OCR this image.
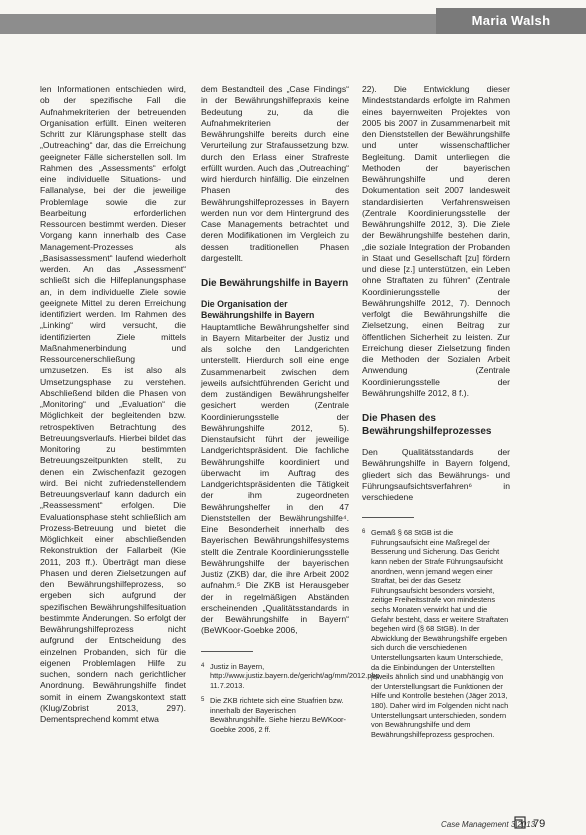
Maria Walsh

len Informationen entschieden wird, ob der spezifische Fall die Aufnahmekriterien der betreuenden Organisation erfüllt. Einen weiteren Schritt zur Klärungsphase stellt das „Outreaching“ dar, das die Erreichung geeigneter Fälle sicherstellen soll. Im Rahmen des „Assessments“ erfolgt eine individuelle Situations- und Fallanalyse, bei der die jeweilige Problemlage sowie die zur Bearbeitung erforderlichen Ressourcen bestimmt werden. Dieser Vorgang kann innerhalb des Case Management-Prozesses als „Basisassessment“ laufend wiederholt werden. An das „Assessment“ schließt sich die Hilfeplanungsphase an, in dem individuelle Ziele sowie geeignete Mittel zu deren Erreichung identifiziert werden. Im Rahmen des „Linking“ wird versucht, die identifizierten Ziele mittels Maßnahmenerbindung und Ressourcenerschließung umzusetzen. Es ist also als Umsetzungsphase zu verstehen. Abschließend bilden die Phasen von „Monitoring“ und „Evaluation“ die Möglichkeit der begleitenden bzw. retrospektiven Betrachtung des Betreuungsverlaufs. Hierbei bildet das Monitoring zu bestimmten Betreuungszeitpunkten stellt, zu denen ein Zwischenfazit gezogen wird. Bei nicht zufriedenstellendem Betreuungsverlauf kann dadurch ein „Reassessment“ erfolgen. Die Evaluationsphase steht schließlich am Prozess-Betreuung und bietet die Möglichkeit einer abschließenden Rekonstruktion der Fallarbeit (Kie 2011, 203 ff.). Überträgt man diese Phasen und deren Zielsetzungen auf den Bewährungshilfeprozess, so ergeben sich aufgrund der spezifischen Bewährungshilfesituation bestimmte Änderungen. So erfolgt der Bewährungshilfeprozess nicht aufgrund der Entscheidung des einzelnen Probanden, sich für die eigenen Problemlagen Hilfe zu suchen, sondern nach gerichtlicher Anordnung. Bewährungshilfe findet somit in einem Zwangskontext statt (Klug/Zobrist 2013, 297). Dementsprechend kommt etwa

dem Bestandteil des „Case Findings“ in der Bewährungshilfepraxis keine Bedeutung zu, da die Aufnahmekriterien der Bewährungshilfe bereits durch eine Verurteilung zur Strafaussetzung bzw. durch den Erlass einer Strafreste erfüllt wurden. Auch das „Outreaching“ wird hierdurch hinfällig. Die einzelnen Phasen des Bewährungshilfeprozesses in Bayern werden nun vor dem Hintergrund des Case Managements betrachtet und deren Modifikationen im Vergleich zu dessen traditionellen Phasen dargestellt.

Die Bewährungshilfe in Bayern
Die Organisation der Bewährungshilfe in Bayern

Hauptamtliche Bewährungshelfer sind in Bayern Mitarbeiter der Justiz und als solche den Landgerichten unterstellt. Hierdurch soll eine enge Zusammenarbeit zwischen dem jeweils aufsichtführenden Gericht und dem zuständigen Bewährungshelfer gesichert werden (Zentrale Koordinierungsstelle der Bewährungshilfe 2012, 5). Dienstaufsicht führt der jeweilige Landgerichtspräsident. Die fachliche Bewährungshilfe koordiniert und überwacht im Auftrag des Landgerichtspräsidenten die Tätigkeit der ihm zugeordneten Bewährungshelfer in den 47 Dienststellen der Bewährungshilfe⁴. Eine Besonderheit innerhalb des Bayerischen Bewährungshilfesystems stellt die Zentrale Koordinierungsstelle Bewährungshilfe der bayerischen Justiz (ZKB) dar, die ihre Arbeit 2002 aufnahm.⁵ Die ZKB ist Herausgeber der in regelmäßigen Abständen erscheinenden „Qualitätsstandards in der Bewährungshilfe in Bayern“ (BeWKoor-Goebke 2006,

4 Justiz in Bayern, http://www.justiz.bayern.de/gericht/ag/mm/2012.php 11.7.2013.
5 Die ZKB richtete sich eine Stuafrien bzw. innerhalb der Bayerischen Bewährungshilfe. Siehe hierzu BeWKoor-Goebke 2006, 2 ff.

22). Die Entwicklung dieser Mindeststandards erfolgte im Rahmen eines bayernweiten Projektes von 2005 bis 2007 in Zusammenarbeit mit den Dienststellen der Bewährungshilfe und unter wissenschaftlicher Begleitung. Damit unterliegen die Methoden der bayerischen Bewährungshilfe und deren Dokumentation seit 2007 landesweit standardisierten Verfahrensweisen (Zentrale Koordinierungsstelle der Bewährungshilfe 2012, 3). Die Ziele der Bewährungshilfe bestehen darin, „die soziale Integration der Probanden in Staat und Gesellschaft [zu] fördern und diese [z.] unterstützen, ein Leben ohne Straftaten zu führen“ (Zentrale Koordinierungsstelle der Bewährungshilfe 2012, 7). Dennoch verfolgt die Bewährungshilfe die Zielsetzung, einen Beitrag zur öffentlichen Sicherheit zu leisten. Zur Erreichung dieser Zielsetzung finden die Methoden der Sozialen Arbeit Anwendung (Zentrale Koordinierungsstelle der Bewährungshilfe 2012, 8 f.).

Die Phasen des Bewährungshilfeprozesses

Den Qualitätsstandards der Bewährungshilfe in Bayern folgend, gliedert sich das Bewährungs- und Führungsaufsichtsverfahren⁶ in verschiedene

6 Gemäß § 68 StGB ist die Führungsaufsicht eine Maßregel der Besserung und Sicherung. Das Gericht kann neben der Strafe Führungsaufsicht anordnen, wenn jemand wegen einer Straftat, bei der das Gesetz Führungsaufsicht besonders vorsieht, zeitige Freiheitsstrafe von mindestens sechs Monaten verwirkt hat und die Gefahr besteht, dass er weitere Straftaten begehen wird (§ 68 StGB). In der Abwicklung der Bewährungshilfe ergeben sich durch die verschiedenen Unterstellungsarten kaum Unterschiede, da die Einbindungen der Unterstellten jeweils ähnlich sind und unabhängig von der Unterstellungsart die Funktionen der Hilfe und Kontrolle bestehen (Jäger 2013, 180). Daher wird im Folgenden nicht nach Unterstellungsart unterschieden, sondern von Bewährungshilfe und dem Bewährungshilfeprozess gesprochen.
Case Management 3|2013
79
